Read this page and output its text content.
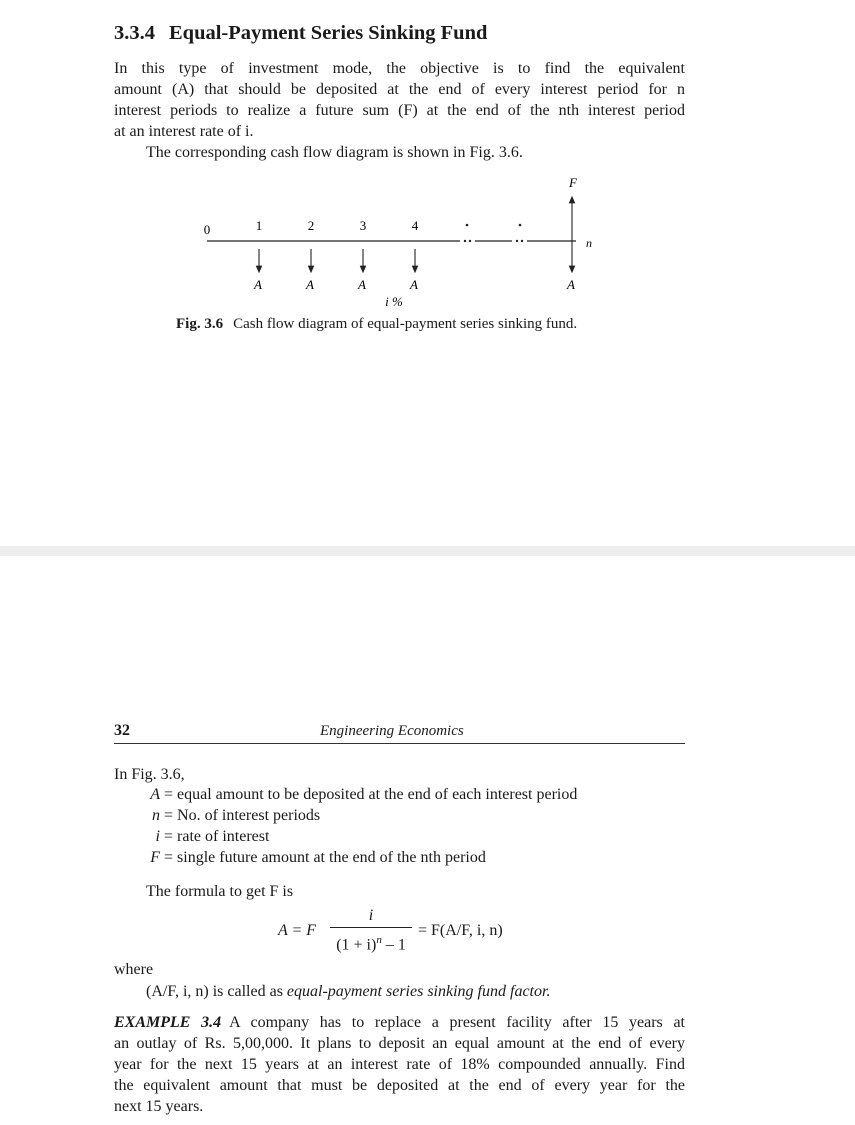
3.3.4 Equal-Payment Series Sinking Fund

In this type of investment mode, the objective is to find the equivalent
amount (A) that should be deposited at the end of every interest period for n
interest periods to realize a future sum (F) at the end of the nth interest period
at an interest rate of i.

The corresponding cash flow diagram is shown in Fig. 3.6.

0	1	2	3	4
n
F
A	A	A	A	A
i %
Fig. 3.6 Cash flow diagram of equal-payment series sinking fund.
32	Engineering Economics

In Fig. 3.6,

A = equal amount to be deposited at the end of each interest period
n = No. of interest periods
i = rate of interest
F = single future amount at the end of the nth period

The formula to get F is

A = F
i
$(1 + i)^n - 1$
= F(A/F, i, n)

where

(A/F, i, n) is called as equal-payment series sinking fund factor.

EXAMPLE 3.4 A company has to replace a present facility after 15 years at
an outlay of Rs. 5,00,000. It plans to deposit an equal amount at the end of every
year for the next 15 years at an interest rate of 18% compounded annually. Find
the equivalent amount that must be deposited at the end of every year for the
next 15 years.
